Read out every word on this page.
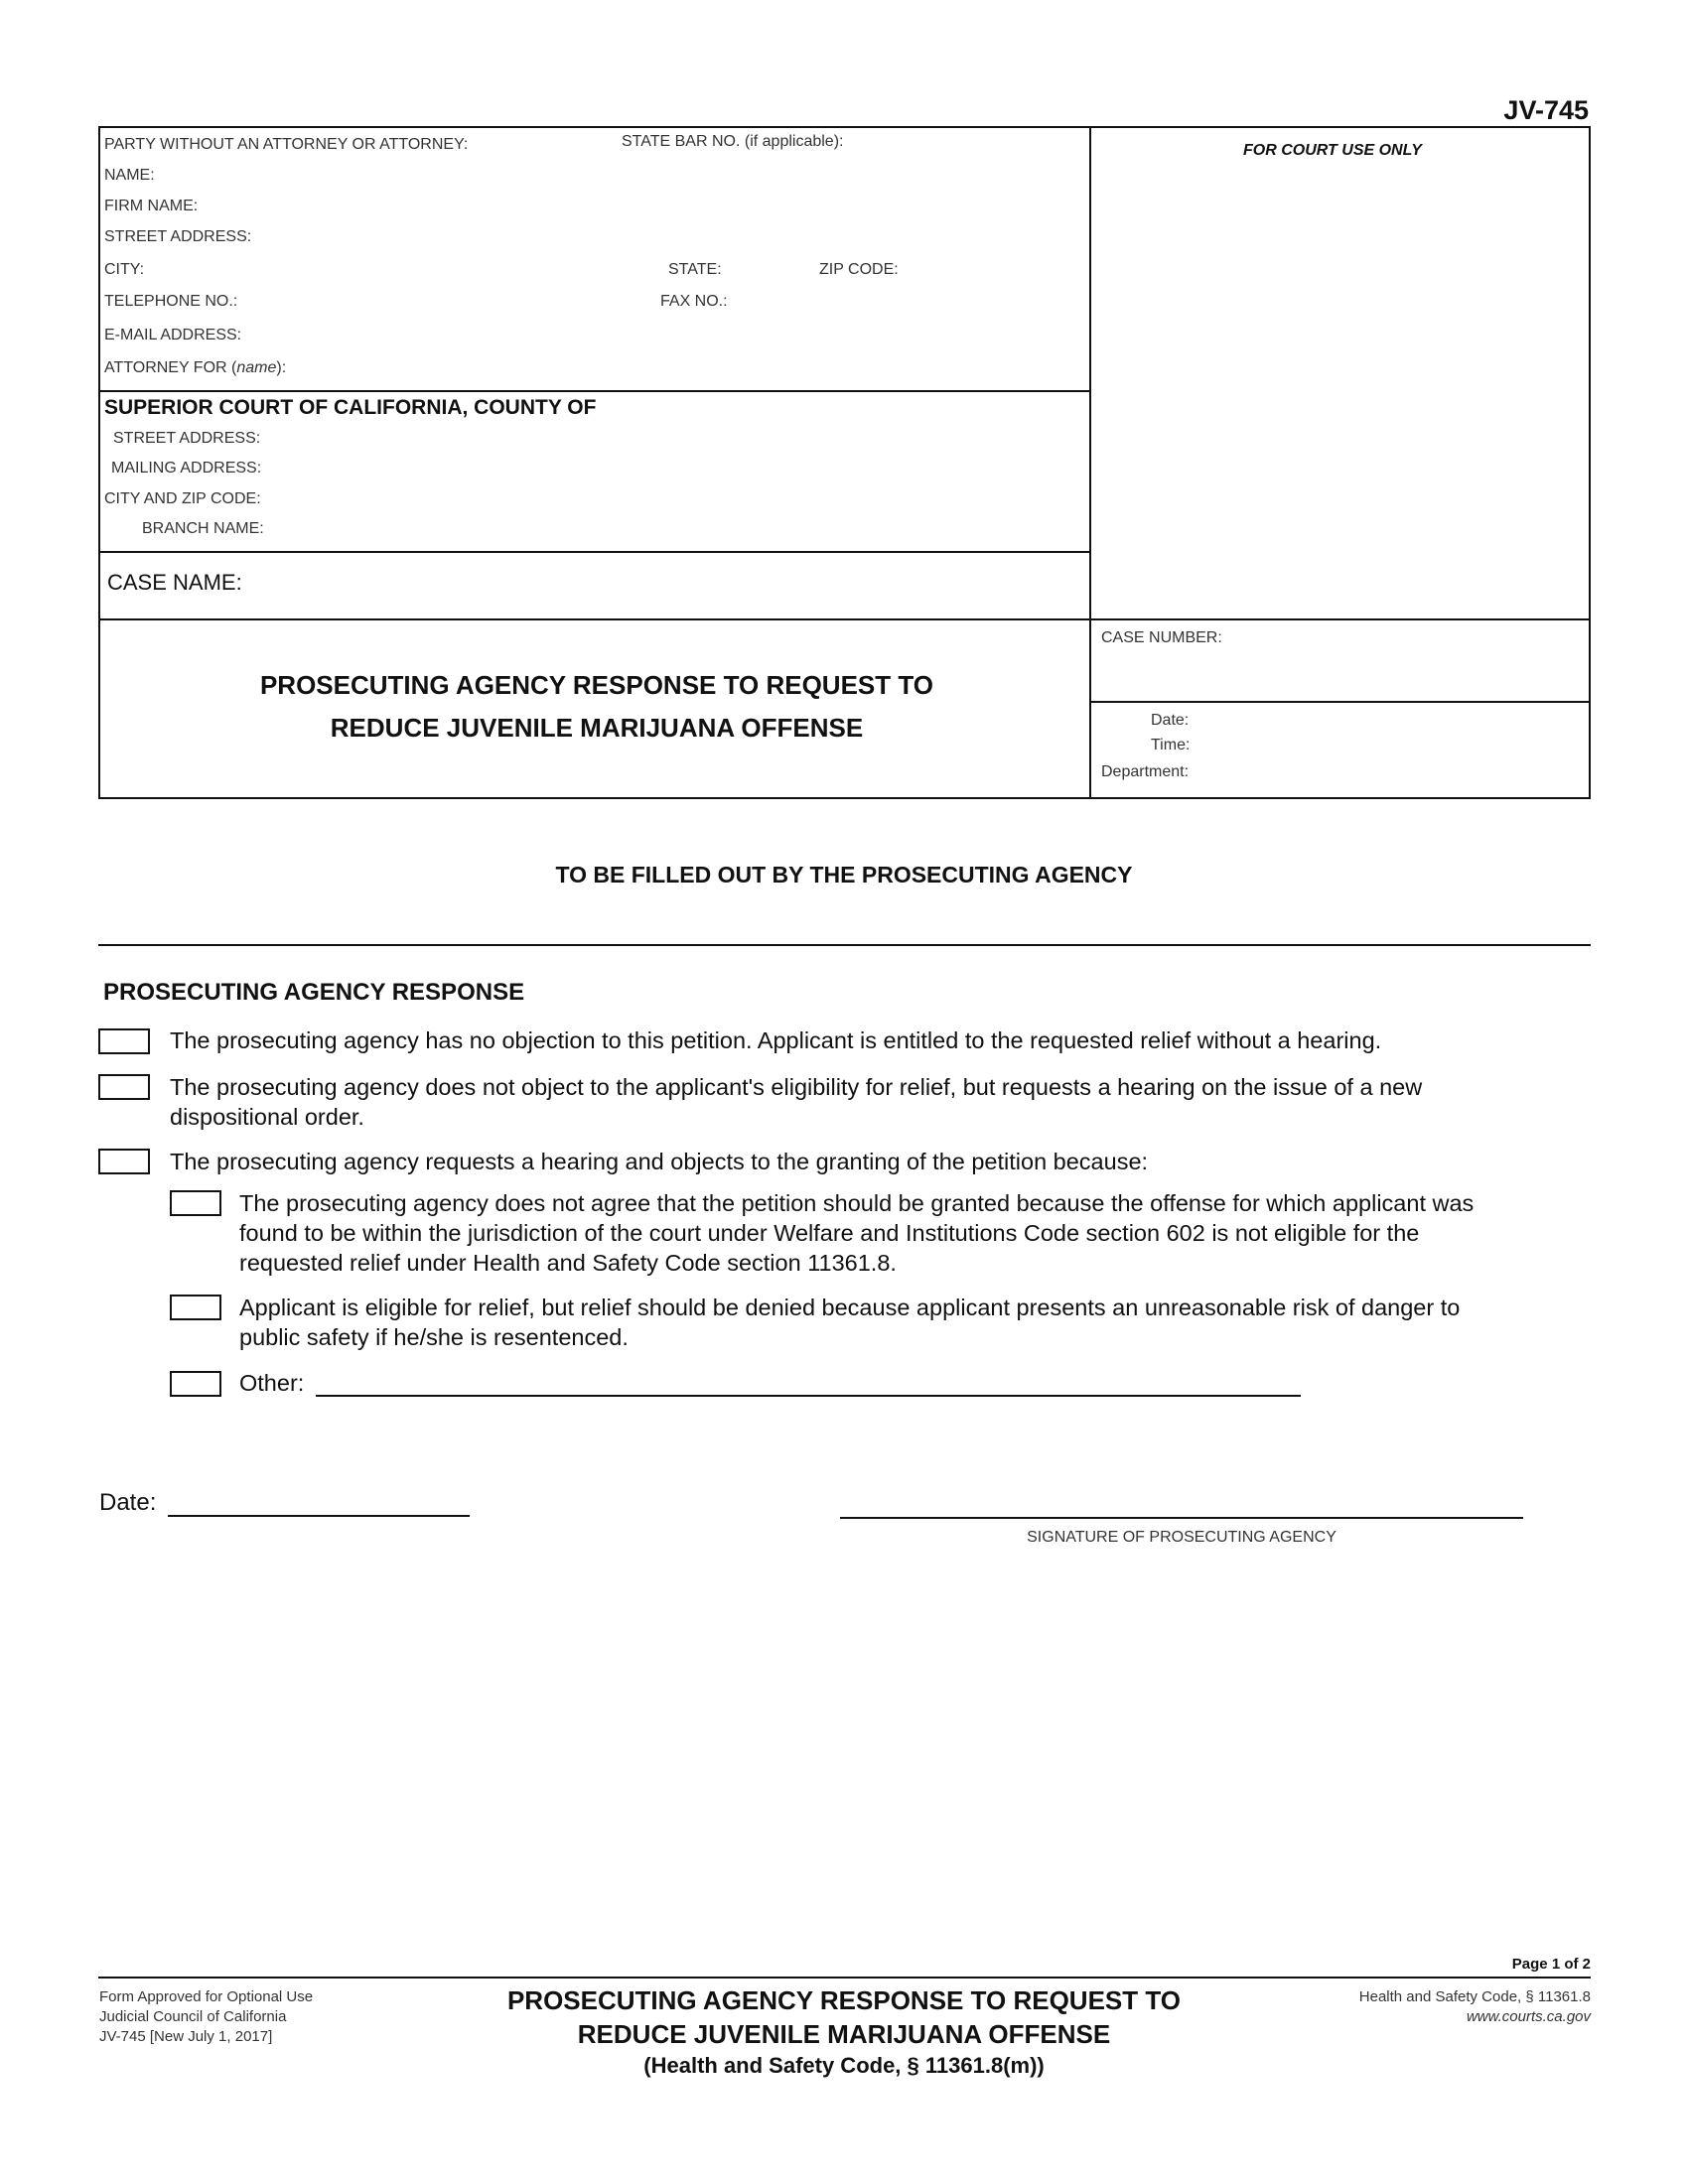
JV-745
PARTY WITHOUT AN ATTORNEY OR ATTORNEY:	STATE BAR NO. (if applicable):
NAME:
FIRM NAME:
STREET ADDRESS:
CITY:	STATE:	ZIP CODE:
TELEPHONE NO.:	FAX NO.:
E-MAIL ADDRESS:
ATTORNEY FOR (name):
FOR COURT USE ONLY
SUPERIOR COURT OF CALIFORNIA, COUNTY OF
STREET ADDRESS:
MAILING ADDRESS:
CITY AND ZIP CODE:
BRANCH NAME:
CASE NAME:
PROSECUTING AGENCY RESPONSE TO REQUEST TO
REDUCE JUVENILE MARIJUANA OFFENSE
CASE NUMBER:
Date:
Time:
Department:
TO BE FILLED OUT BY THE PROSECUTING AGENCY
PROSECUTING AGENCY RESPONSE
The prosecuting agency has no objection to this petition. Applicant is entitled to the requested relief without a hearing.
The prosecuting agency does not object to the applicant's eligibility for relief, but requests a hearing on the issue of a new
dispositional order.
The prosecuting agency requests a hearing and objects to the granting of the petition because:
The prosecuting agency does not agree that the petition should be granted because the offense for which applicant was
found to be within the jurisdiction of the court under Welfare and Institutions Code section 602 is not eligible for the
requested relief under Health and Safety Code section 11361.8.
Applicant is eligible for relief, but relief should be denied because applicant presents an unreasonable risk of danger to
public safety if he/she is resentenced.
Other:
Date:
SIGNATURE OF PROSECUTING AGENCY
Page 1 of 2
Form Approved for Optional Use
Judicial Council of California
JV-745 [New July 1, 2017]
PROSECUTING AGENCY RESPONSE TO REQUEST TO
REDUCE JUVENILE MARIJUANA OFFENSE
(Health and Safety Code, § 11361.8(m))
Health and Safety Code, § 11361.8
www.courts.ca.gov
